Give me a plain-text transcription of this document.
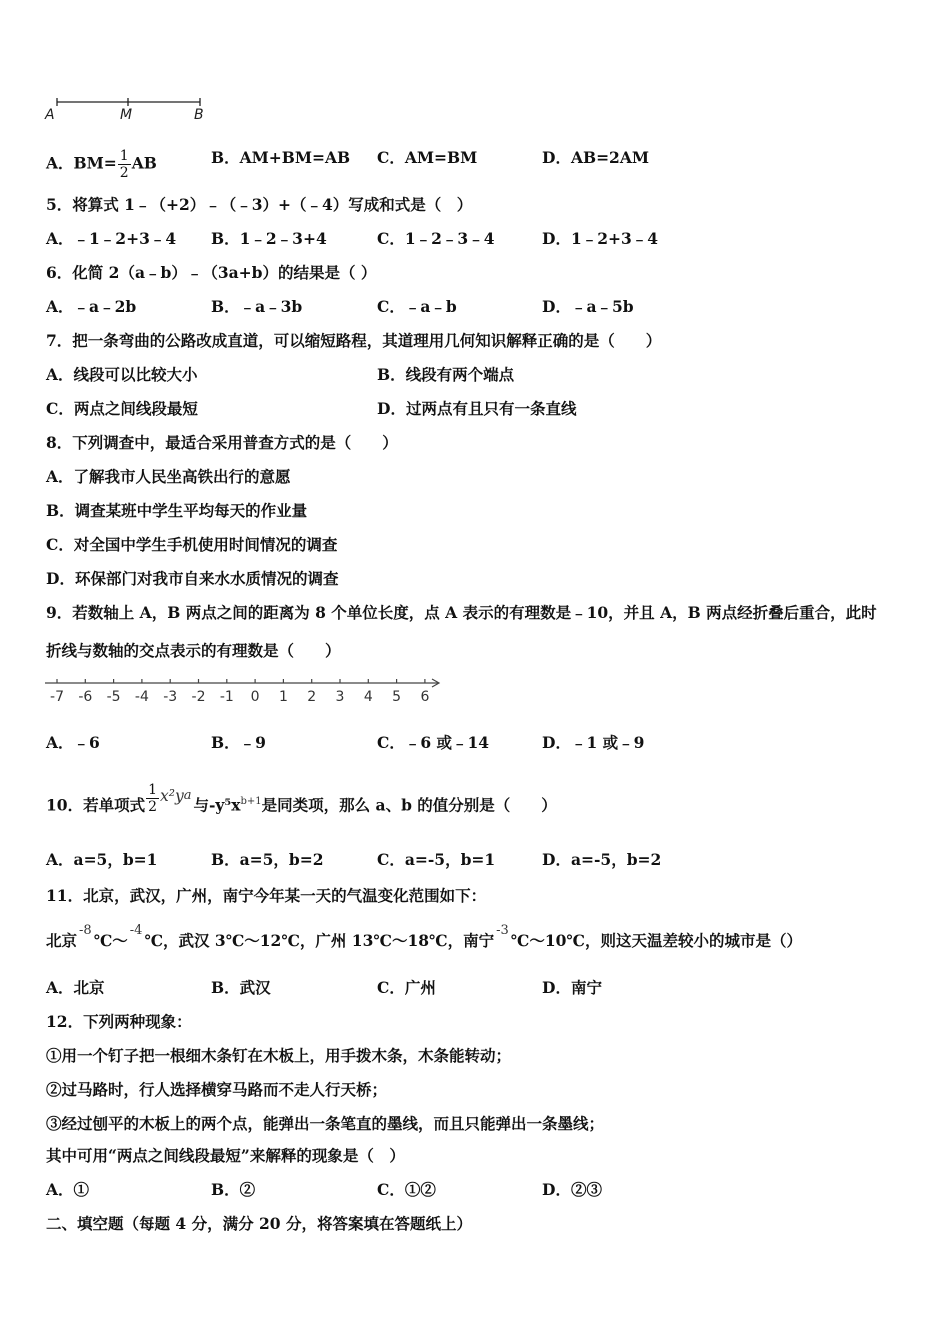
A	M	B
A．$BM= \frac{1}{2}$ AB	B．AM+BM=AB C．AM=BM	D．AB=2AM
5．将算式 1﹣（+2）﹣（﹣3）+（﹣4）写成和式是（　）
A．﹣1﹣2+3﹣4 B．1﹣2﹣3+4	C．1﹣2﹣3﹣4	D．1﹣2+3﹣4
6．化简 2（a﹣b）﹣（3a+b）的结果是（ ）
A．﹣a﹣2b	B．﹣a﹣3b	C．﹣a﹣b	D．﹣a﹣5b
7．把一条弯曲的公路改成直道，可以缩短路程，其道理用几何知识解释正确的是（　　）
A．线段可以比较大小	B．线段有两个端点
C．两点之间线段最短	D．过两点有且只有一条直线
8．下列调查中，最适合采用普查方式的是（　　）
A．了解我市人民坐高铁出行的意愿
B．调查某班中学生平均每天的作业量
C．对全国中学生手机使用时间情况的调查
D．环保部门对我市自来水水质情况的调查
9．若数轴上 A，B 两点之间的距离为 8 个单位长度，点 A 表示的有理数是﹣10，并且 A，B 两点经折叠后重合，此时
折线与数轴的交点表示的有理数是（　　）
-7 -6 -5 -4 -3 -2 -1 0 1 2 3 4 5 6
A．﹣6	B．﹣9	C．﹣6 或﹣14	D．﹣1 或﹣9
10．若单项式 $\frac{1}{2} x^2y^a$与$-y^5x^{b+1}$是同类项，那么 a、b 的值分别是（　　）
A．a=5，b=1	B．a=5，b=2	C．a=-5，b=1	D．a=-5，b=2
11．北京，武汉，广州，南宁今年某一天的气温变化范围如下：
北京$^{-8}$℃～$^{-4}$℃，武汉 3℃～12℃，广州 13℃～18℃，南宁$^{-3}$℃～10℃，则这天温差较小的城市是（）
A．北京	B．武汉	C．广州	D．南宁
12．下列两种现象：
①用一个钉子把一根细木条钉在木板上，用手拨木条，木条能转动；
②过马路时，行人选择横穿马路而不走人行天桥；
③经过刨平的木板上的两个点，能弹出一条笔直的墨线，而且只能弹出一条墨线；
其中可用“两点之间线段最短”来解释的现象是（　）
A．①	B．②	C．①②	D．②③
二、填空题（每题 4 分，满分 20 分，将答案填在答题纸上）
